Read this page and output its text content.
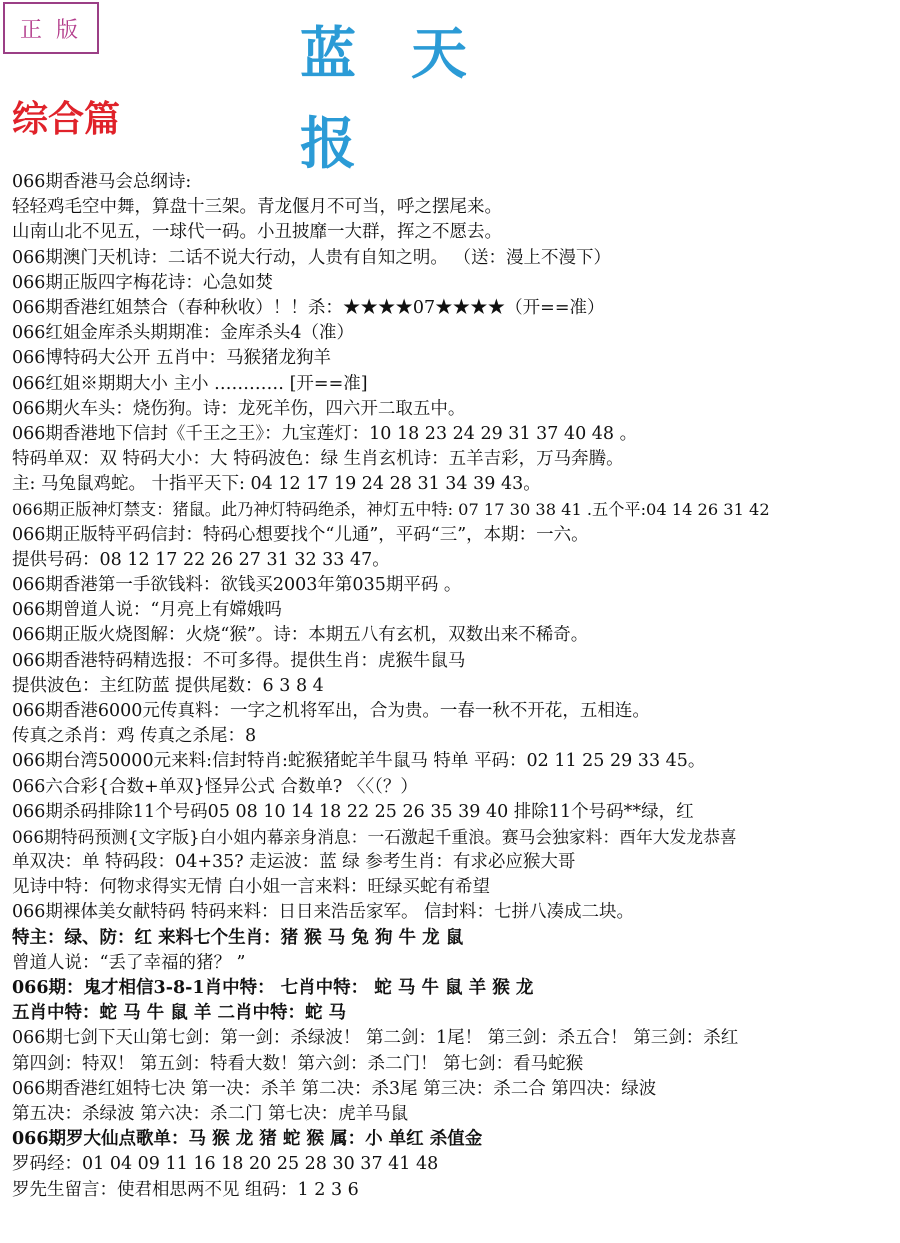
正版	蓝天报
综合篇
066期香港马会总纲诗:
轻轻鸡毛空中舞，算盘十三架。青龙偃月不可当，呼之摆尾来。
山南山北不见五，一球代一码。小丑披靡一大群，挥之不愿去。
066期澳门天机诗：二话不说大行动，人贵有自知之明。 （送：漫上不漫下）
066期正版四字梅花诗：心急如焚
066期香港红姐禁合（春种秋收）！！杀：★★★★07★★★★（开==准）
066红姐金库杀头期期准：金库杀头4（准）
066博特码大公开 五肖中：马猴猪龙狗羊
066红姐※期期大小 主小 ………… [开==准]
066期火车头：烧伤狗。诗：龙死羊伤，四六开二取五中。
066期香港地下信封《千王之王》：九宝莲灯：10 18 23 24 29 31 37 40 48 。
特码单双：双 特码大小：大 特码波色：绿 生肖玄机诗：五羊吉彩，万马奔腾。
主: 马兔鼠鸡蛇。 十指平天下: 04 12 17 19 24 28 31 34 39 43。
066期正版神灯禁支：猪鼠。此乃神灯特码绝杀，神灯五中特: 07 17 30 38 41 .五个平:04 14 26 31 42
066期正版特平码信封：特码心想要找个“儿通”，平码“三”，本期：一六。
提供号码：08 12 17 22 26 27 31 32 33 47。
066期香港第一手欲钱料：欲钱买2003年第035期平码 。
066期曾道人说：“月亮上有嫦娥吗
066期正版火烧图解：火烧“猴”。诗：本期五八有玄机，双数出来不稀奇。
066期香港特码精选报：不可多得。提供生肖：虎猴牛鼠马
提供波色：主红防蓝 提供尾数：6 3 8 4
066期香港6000元传真料：一字之机将军出，合为贵。一春一秋不开花，五相连。
传真之杀肖：鸡 传真之杀尾：8
066期台湾50000元来料:信封特肖:蛇猴猪蛇羊牛鼠马 特单 平码：02 11 25 29 33 45。
066六合彩{合数+单双}怪异公式 合数单? 〈〈（？）
066期杀码排除11个号码05 08 10 14 18 22 25 26 35 39 40 排除11个号码**绿，红
066期特码预测{文字版}白小姐内幕亲身消息：一石激起千重浪。赛马会独家料：酉年大发龙恭喜
单双决：单 特码段：04+35? 走运波：蓝 绿 参考生肖：有求必应猴大哥
见诗中特：何物求得实无情 白小姐一言来料：旺绿买蛇有希望
066期裸体美女献特码 特码来料：日日来浩岳家军。 信封料：七拼八凑成二块。
特主：绿、防：红 来料七个生肖：猪 猴 马 兔 狗 牛 龙 鼠
曾道人说：“丢了幸福的猪？ ”
066期：鬼才相信3-8-1肖中特： 七肖中特： 蛇 马 牛 鼠 羊 猴 龙
五肖中特：蛇 马 牛 鼠 羊 二肖中特：蛇 马
066期七剑下天山第七剑：第一剑：杀绿波！ 第二剑：1尾！ 第三剑：杀五合！ 第三剑：杀红
第四剑：特双！ 第五剑：特看大数！第六剑：杀二门！ 第七剑：看马蛇猴
066期香港红姐特七决 第一决：杀羊 第二决：杀3尾 第三决：杀二合 第四决：绿波
第五决：杀绿波 第六决：杀二门 第七决：虎羊马鼠
066期罗大仙点歌单：马 猴 龙 猪 蛇 猴 属：小 单红 杀值金
罗码经：01 04 09 11 16 18 20 25 28 30 37 41 48
罗先生留言：使君相思两不见 组码：1 2 3 6
